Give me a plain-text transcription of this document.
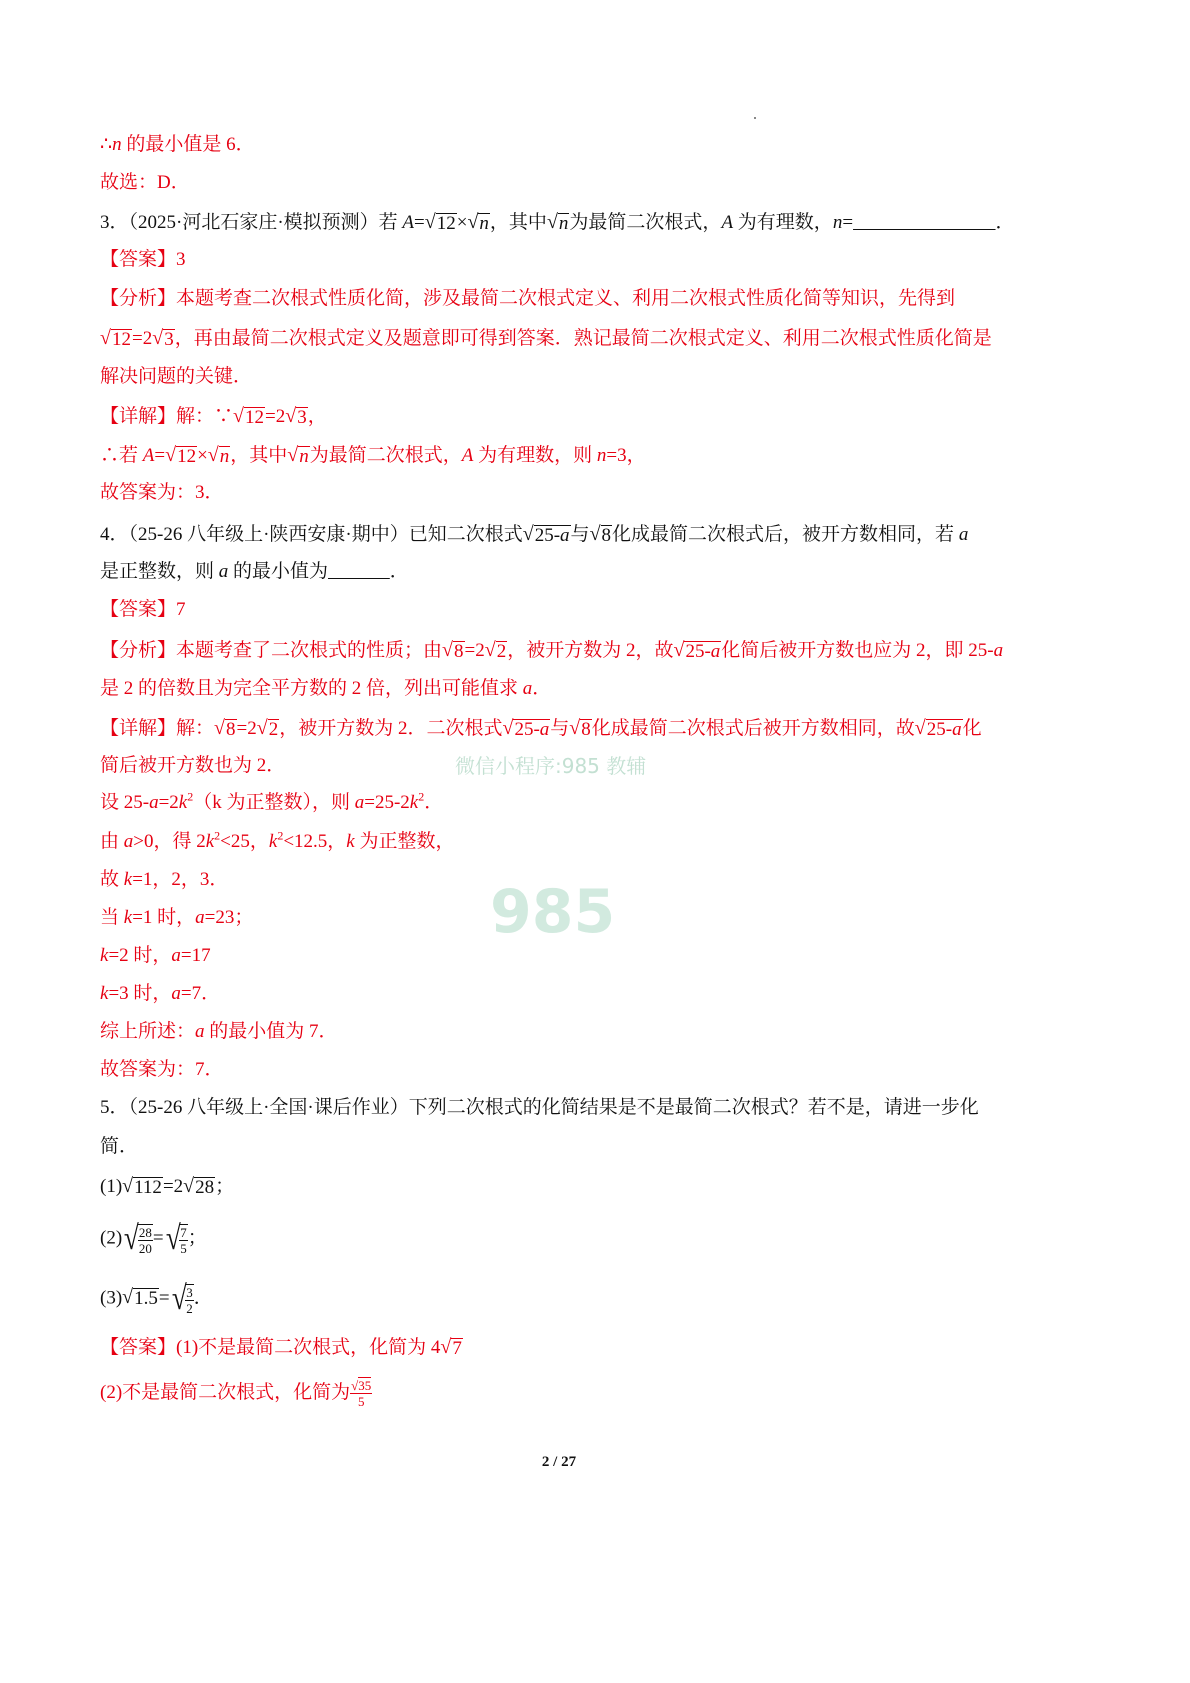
985
微信小程序:985 教辅
∴n 的最小值是 6．
故选：D．
3．（2025·河北石家庄·模拟预测）若 A= √ 12 × √ n ，其中 √ n 为最简二次根式，A 为有理数，n=	．
【答案】3
【分析】本题考查二次根式性质化简，涉及最简二次根式定义、利用二次根式性质化简等知识，先得到
√ 12 =2 √ 3 ，再由最简二次根式定义及题意即可得到答案．熟记最简二次根式定义、利用二次根式性质化简是
解决问题的关键．
【详解】解：∵ √ 12 =2 √ 3 ，
∴若 A= √ 12 × √ n ，其中 √ n 为最简二次根式，A 为有理数，则 n=3，
故答案为：3．
4．（25-26 八年级上·陕西安康·期中）已知二次根式 √ 25-a 与 √ 8 化成最简二次根式后，被开方数相同，若 a
是正整数，则 a 的最小值为	．
【答案】7
【分析】本题考查了二次根式的性质；由 √ 8 =2 √ 2 ，被开方数为 2，故 √ 25-a 化简后被开方数也应为 2，即 25-a
是 2 的倍数且为完全平方数的 2 倍，列出可能值求 a．
【详解】解： √ 8 =2 √ 2 ，被开方数为 2．二次根式 √ 25-a 与 √ 8 化成最简二次根式后被开方数相同，故 √ 25-a 化
简后被开方数也为 2．
设 $25-a=2k^2(k$ 为正整数），则 $a=25-2k^2$．
由 a>0，得 $2k^2<25$，$k^2<12.5$，k 为正整数，
故 k=1，2，3．
当 k=1 时，a=23；
k=2 时，a=17
k=3 时，a=7．
综上所述：a 的最小值为 7．
故答案为：7．
5．（25-26 八年级上·全国·课后作业）下列二次根式的化简结果是不是最简二次根式？若不是，请进一步化
简．
(1) √ 112 =2 √ 28 ；
(2) √
$\frac{28}{20}$ = √
$\frac{7}{5}$ ；
(3) √ 1.5 = √
$\frac{3}{2}$ ．
【答案】(1)不是最简二次根式，化简为 4 √ 7
(2)不是最简二次根式，化简为 $\frac{√35}{5}$
2 / 27
